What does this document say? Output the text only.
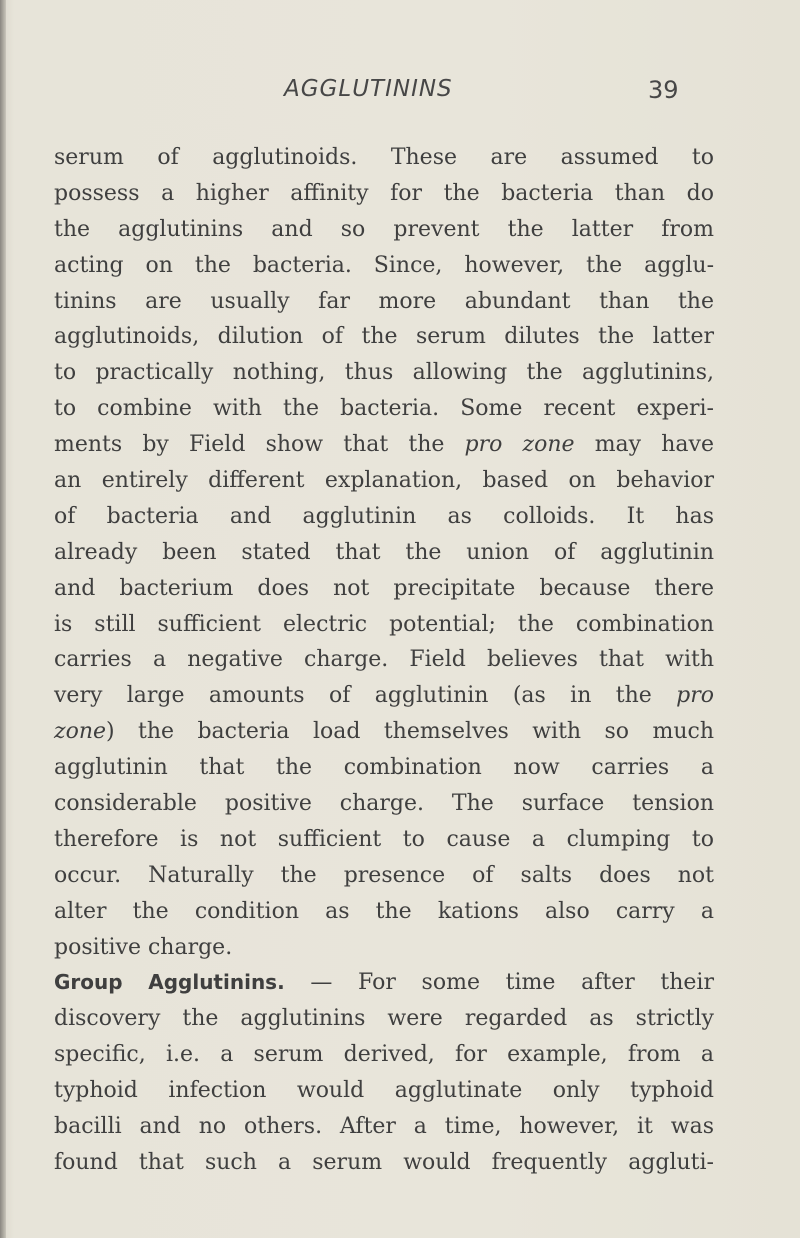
AGGLUTININS	39
serum of agglutinoids. These are assumed to
possess a higher affinity for the bacteria than do
the agglutinins and so prevent the latter from
acting on the bacteria. Since, however, the agglu-
tinins are usually far more abundant than the
agglutinoids, dilution of the serum dilutes the latter
to practically nothing, thus allowing the agglutinins,
to combine with the bacteria. Some recent experi-
ments by Field show that the pro zone may have
an entirely different explanation, based on behavior
of bacteria and agglutinin as colloids. It has
already been stated that the union of agglutinin
and bacterium does not precipitate because there
is still sufficient electric potential; the combination
carries a negative charge. Field believes that with
very large amounts of agglutinin (as in the pro
zone) the bacteria load themselves with so much
agglutinin that the combination now carries a
considerable positive charge. The surface tension
therefore is not sufficient to cause a clumping to
occur. Naturally the presence of salts does not
alter the condition as the kations also carry a
positive charge.
Group Agglutinins. — For some time after their
discovery the agglutinins were regarded as strictly
specific, i.e. a serum derived, for example, from a
typhoid infection would agglutinate only typhoid
bacilli and no others. After a time, however, it was
found that such a serum would frequently aggluti-
